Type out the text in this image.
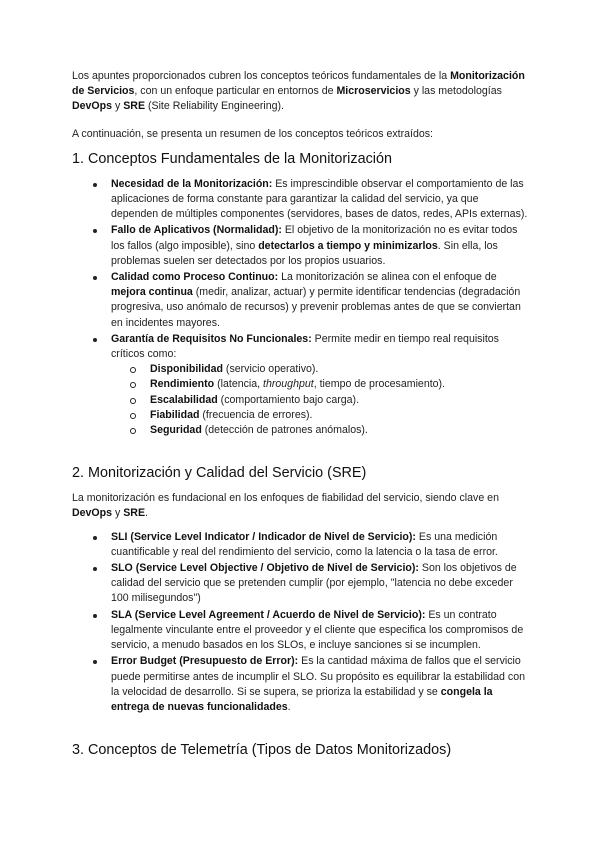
Los apuntes proporcionados cubren los conceptos teóricos fundamentales de la Monitorización de Servicios, con un enfoque particular en entornos de Microservicios y las metodologías DevOps y SRE (Site Reliability Engineering).

A continuación, se presenta un resumen de los conceptos teóricos extraídos:

1. Conceptos Fundamentales de la Monitorización
Necesidad de la Monitorización: Es imprescindible observar el comportamiento de las aplicaciones de forma constante para garantizar la calidad del servicio, ya que dependen de múltiples componentes (servidores, bases de datos, redes, APIs externas).
Fallo de Aplicativos (Normalidad): El objetivo de la monitorización no es evitar todos los fallos (algo imposible), sino detectarlos a tiempo y minimizarlos. Sin ella, los problemas suelen ser detectados por los propios usuarios.
Calidad como Proceso Continuo: La monitorización se alinea con el enfoque de mejora continua (medir, analizar, actuar) y permite identificar tendencias (degradación progresiva, uso anómalo de recursos) y prevenir problemas antes de que se conviertan en incidentes mayores.
Garantía de Requisitos No Funcionales: Permite medir en tiempo real requisitos críticos como:
Disponibilidad (servicio operativo).
Rendimiento (latencia, throughput, tiempo de procesamiento).
Escalabilidad (comportamiento bajo carga).
Fiabilidad (frecuencia de errores).
Seguridad (detección de patrones anómalos).
2. Monitorización y Calidad del Servicio (SRE)

La monitorización es fundacional en los enfoques de fiabilidad del servicio, siendo clave en DevOps y SRE.

SLI (Service Level Indicator / Indicador de Nivel de Servicio): Es una medición cuantificable y real del rendimiento del servicio, como la latencia o la tasa de error.
SLO (Service Level Objective / Objetivo de Nivel de Servicio): Son los objetivos de calidad del servicio que se pretenden cumplir (por ejemplo, "latencia no debe exceder 100 milisegundos")
SLA (Service Level Agreement / Acuerdo de Nivel de Servicio): Es un contrato legalmente vinculante entre el proveedor y el cliente que especifica los compromisos de servicio, a menudo basados en los SLOs, e incluye sanciones si se incumplen.
Error Budget (Presupuesto de Error): Es la cantidad máxima de fallos que el servicio puede permitirse antes de incumplir el SLO. Su propósito es equilibrar la estabilidad con la velocidad de desarrollo. Si se supera, se prioriza la estabilidad y se congela la entrega de nuevas funcionalidades.
3. Conceptos de Telemetría (Tipos de Datos Monitorizados)
